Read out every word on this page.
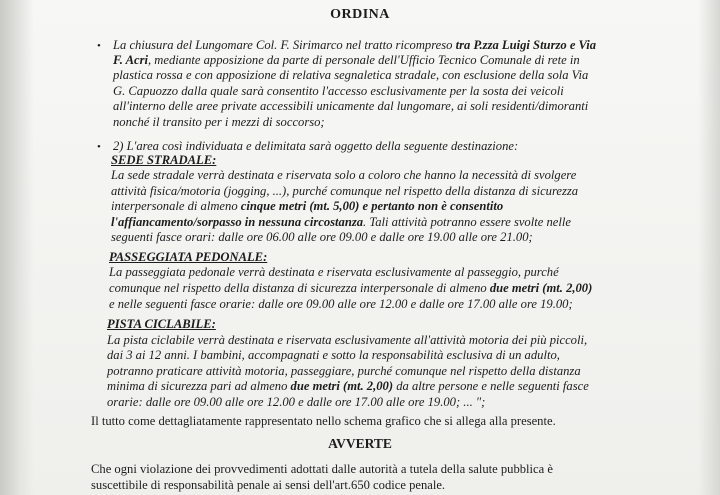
ORDINA
• La chiusura del Lungomare Col. F. Sirimarco nel tratto ricompreso tra P.zza Luigi Sturzo e Via
F. Acri, mediante apposizione da parte di personale dell'Ufficio Tecnico Comunale di rete in
plastica rossa e con apposizione di relativa segnaletica stradale, con esclusione della sola Via
G. Capuozzo dalla quale sarà consentito l'accesso esclusivamente per la sosta dei veicoli
all'interno delle aree private accessibili unicamente dal lungomare, ai soli residenti/dimoranti
nonché il transito per i mezzi di soccorso;
• 2) L'area così individuata e delimitata sarà oggetto della seguente destinazione:
SEDE STRADALE:
La sede stradale verrà destinata e riservata solo a coloro che hanno la necessità di svolgere
attività fisica/motoria (jogging, ...), purché comunque nel rispetto della distanza di sicurezza
interpersonale di almeno cinque metri (mt. 5,00) e pertanto non è consentito
l'affiancamento/sorpasso in nessuna circostanza. Tali attività potranno essere svolte nelle
seguenti fasce orari: dalle ore 06.00 alle ore 09.00 e dalle ore 19.00 alle ore 21.00;
PASSEGGIATA PEDONALE:
La passeggiata pedonale verrà destinata e riservata esclusivamente al passeggio, purché
comunque nel rispetto della distanza di sicurezza interpersonale di almeno due metri (mt. 2,00)
e nelle seguenti fasce orarie: dalle ore 09.00 alle ore 12.00 e dalle ore 17.00 alle ore 19.00;
PISTA CICLABILE:
La pista ciclabile verrà destinata e riservata esclusivamente all'attività motoria dei più piccoli,
dai 3 ai 12 anni. I bambini, accompagnati e sotto la responsabilità esclusiva di un adulto,
potranno praticare attività motoria, passeggiare, purché comunque nel rispetto della distanza
minima di sicurezza pari ad almeno due metri (mt. 2,00) da altre persone e nelle seguenti fasce
orarie: dalle ore 09.00 alle ore 12.00 e dalle ore 17.00 alle ore 19.00; ... ";
Il tutto come dettagliatamente rappresentato nello schema grafico che si allega alla presente.
AVVERTE
Che ogni violazione dei provvedimenti adottati dalle autorità a tutela della salute pubblica è
suscettibile di responsabilità penale ai sensi dell'art.650 codice penale.
